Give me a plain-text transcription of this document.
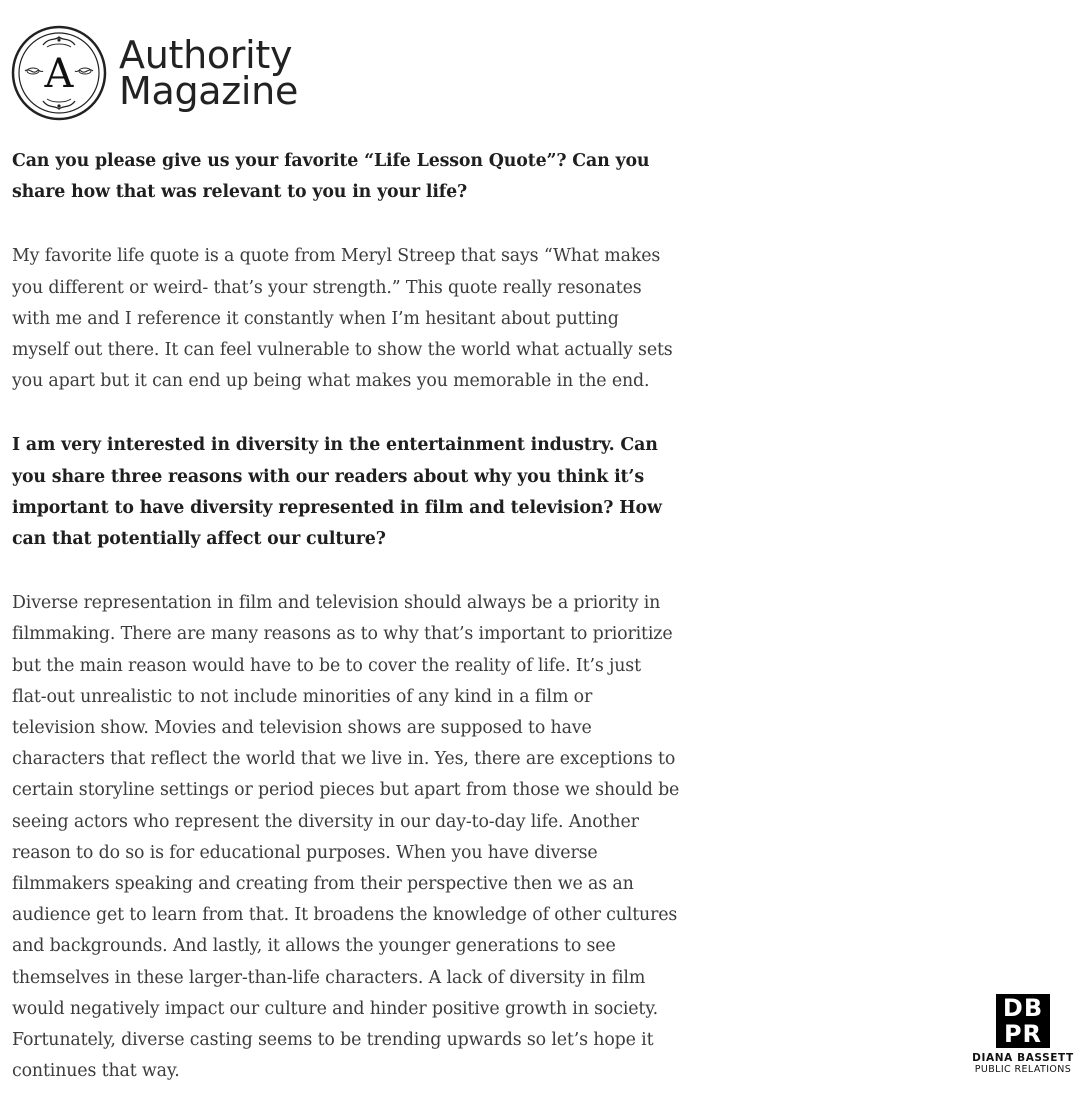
A Authority
Magazine

Can you please give us your favorite “Life Lesson Quote”? Can you share how that was relevant to you in your life?

My favorite life quote is a quote from Meryl Streep that says “What makes you different or weird- that’s your strength.” This quote really resonates with me and I reference it constantly when I’m hesitant about putting myself out there. It can feel vulnerable to show the world what actually sets you apart but it can end up being what makes you memorable in the end.

I am very interested in diversity in the entertainment industry. Can you share three reasons with our readers about why you think it’s important to have diversity represented in film and television? How can that potentially affect our culture?

Diverse representation in film and television should always be a priority in filmmaking. There are many reasons as to why that’s important to prioritize but the main reason would have to be to cover the reality of life. It’s just flat-out unrealistic to not include minorities of any kind in a film or television show. Movies and television shows are supposed to have characters that reflect the world that we live in. Yes, there are exceptions to certain storyline settings or period pieces but apart from those we should be seeing actors who represent the diversity in our day-to-day life. Another reason to do so is for educational purposes. When you have diverse filmmakers speaking and creating from their perspective then we as an audience get to learn from that. It broadens the knowledge of other cultures and backgrounds. And lastly, it allows the younger generations to see themselves in these larger-than-life characters. A lack of diversity in film would negatively impact our culture and hinder positive growth in society. Fortunately, diverse casting seems to be trending upwards so let’s hope it continues that way.

DB
PR
DIANA BASSETT
PUBLIC RELATIONS
